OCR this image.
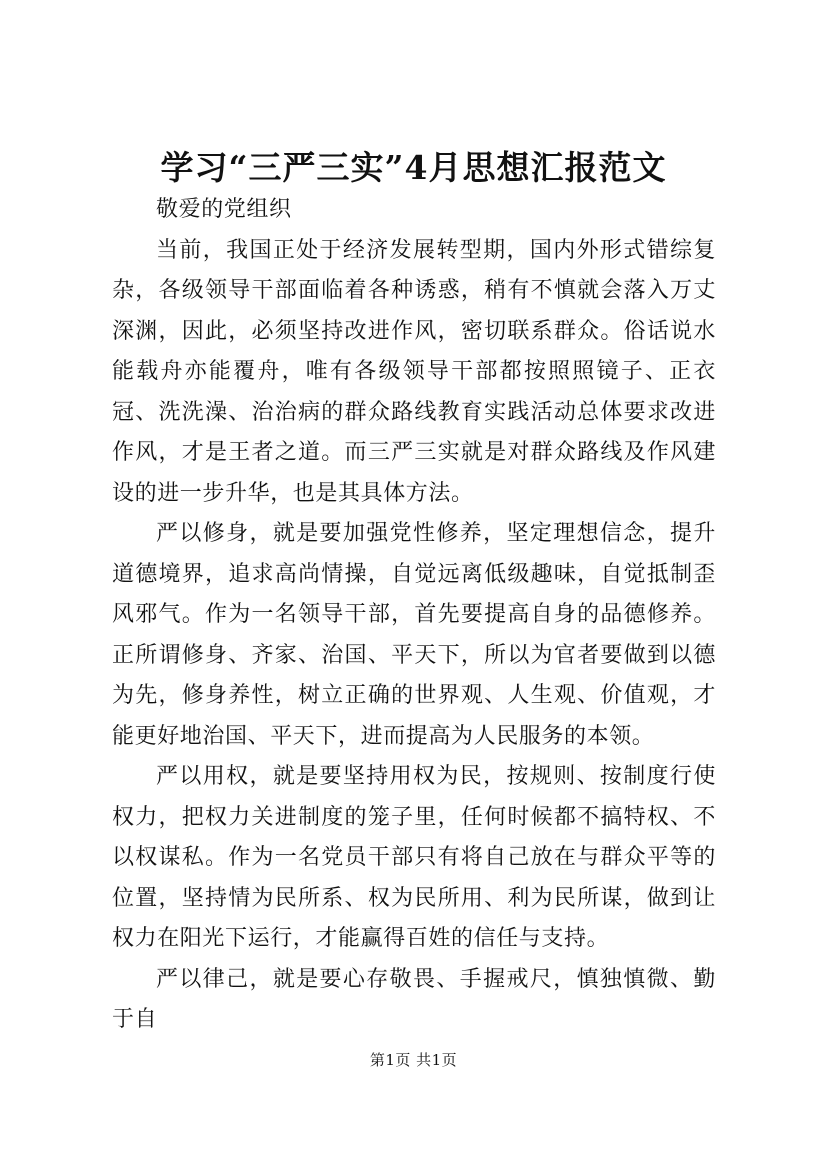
学习“三严三实”4月思想汇报范文

敬爱的党组织

当前，我国正处于经济发展转型期，国内外形式错综复杂，各级领导干部面临着各种诱惑，稍有不慎就会落入万丈深渊，因此，必须坚持改进作风，密切联系群众。俗话说水能载舟亦能覆舟，唯有各级领导干部都按照照镜子、正衣冠、洗洗澡、治治病的群众路线教育实践活动总体要求改进作风，才是王者之道。而三严三实就是对群众路线及作风建设的进一步升华，也是其具体方法。

严以修身，就是要加强党性修养，坚定理想信念，提升道德境界，追求高尚情操，自觉远离低级趣味，自觉抵制歪风邪气。作为一名领导干部，首先要提高自身的品德修养。正所谓修身、齐家、治国、平天下，所以为官者要做到以德为先，修身养性，树立正确的世界观、人生观、价值观，才能更好地治国、平天下，进而提高为人民服务的本领。

严以用权，就是要坚持用权为民，按规则、按制度行使权力，把权力关进制度的笼子里，任何时候都不搞特权、不以权谋私。作为一名党员干部只有将自己放在与群众平等的位置，坚持情为民所系、权为民所用、利为民所谋，做到让权力在阳光下运行，才能赢得百姓的信任与支持。

严以律己，就是要心存敬畏、手握戒尺，慎独慎微、勤于自

第1页 共1页
